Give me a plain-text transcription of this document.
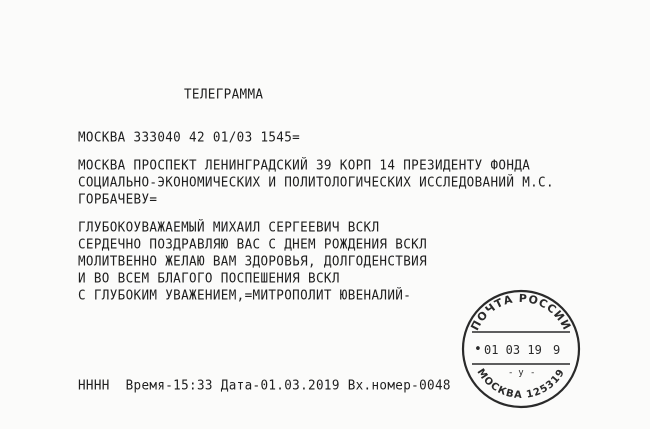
ТЕЛЕГРАММА
МОСКВА 333040 42 01/03 1545=
МОСКВА ПРОСПЕКТ ЛЕНИНГРАДСКИЙ 39 КОРП 14 ПРЕЗИДЕНТУ ФОНДА
СОЦИАЛЬНО-ЭКОНОМИЧЕСКИХ И ПОЛИТОЛОГИЧЕСКИХ ИССЛЕДОВАНИЙ М.С.
ГОРБАЧЕВУ=
ГЛУБОКОУВАЖАЕМЫЙ МИХАИЛ СЕРГЕЕВИЧ ВСКЛ
СЕРДЕЧНО ПОЗДРАВЛЯЮ ВАС С ДНЕМ РОЖДЕНИЯ ВСКЛ
МОЛИТВЕННО ЖЕЛАЮ ВАМ ЗДОРОВЬЯ, ДОЛГОДЕНСТВИЯ
И ВО ВСЕМ БЛАГОГО ПОСПЕШЕНИЯ ВСКЛ
С ГЛУБОКИМ УВАЖЕНИЕМ,=МИТРОПОЛИТ ЮВЕНАЛИЙ-
НННН  Время-15:33 Дата-01.03.2019 Вх.номер-0048
ПОЧТА РОССИИ
МОСКВА 125319
• 01 03 19 9
у
- -
